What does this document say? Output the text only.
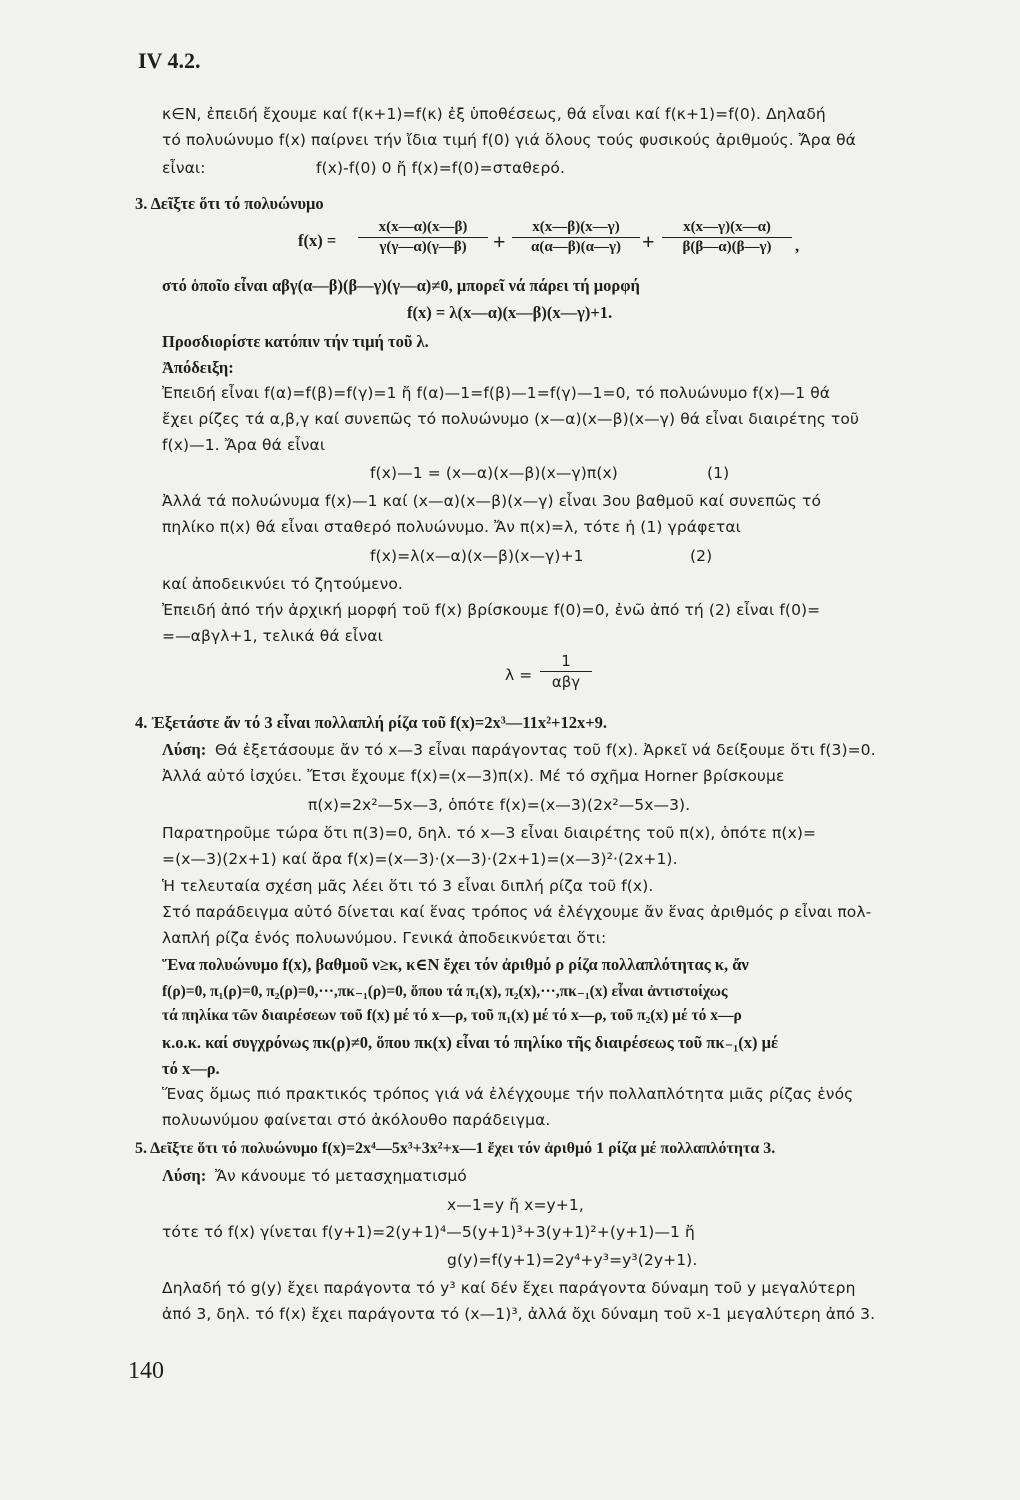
IV 4.2.
κ∈N, ἐπειδή ἔχουμε καί f(κ+1)=f(κ) ἐξ ὑποθέσεως, θά εἶναι καί f(κ+1)=f(0). Δηλαδή
τό πολυώνυμο f(x) παίρνει τήν ἴδια τιμή f(0) γιά ὅλους τούς φυσικούς ἀριθμούς. Ἄρα θά
εἶναι:	f(x)-f(0) 0 ἤ f(x)=f(0)=σταθερό.
3. Δεῖξτε ὅτι τό πολυώνυμο
f(x) =
x(x—α)(x—β)
γ(γ—α)(γ—β)	+
x(x—β)(x—γ)
α(α—β)(α—γ) +
x(x—γ)(x—α)
β(β—α)(β—γ)	,
στό ὁποῖο εἶναι αβγ(α—β)(β—γ)(γ—α)≠0, μπορεῖ νά πάρει τή μορφή
f(x) = λ(x—α)(x—β)(x—γ)+1.
Προσδιορίστε κατόπιν τήν τιμή τοῦ λ.
Ἀπόδειξη:
Ἐπειδή εἶναι f(α)=f(β)=f(γ)=1 ἤ f(α)—1=f(β)—1=f(γ)—1=0, τό πολυώνυμο f(x)—1 θά
ἔχει ρίζες τά α,β,γ καί συνεπῶς τό πολυώνυμο (x—α)(x—β)(x—γ) θά εἶναι διαιρέτης τοῦ
f(x)—1. Ἄρα θά εἶναι
f(x)—1 = (x—α)(x—β)(x—γ)π(x)	(1)
Ἀλλά τά πολυώνυμα f(x)—1 καί (x—α)(x—β)(x—γ) εἶναι 3ου βαθμοῦ καί συνεπῶς τό
πηλίκο π(x) θά εἶναι σταθερό πολυώνυμο. Ἄν π(x)=λ, τότε ἡ (1) γράφεται
f(x)=λ(x—α)(x—β)(x—γ)+1	(2)
καί ἀποδεικνύει τό ζητούμενο.
Ἐπειδή ἀπό τήν ἀρχική μορφή τοῦ f(x) βρίσκουμε f(0)=0, ἐνῶ ἀπό τή (2) εἶναι f(0)=
=—αβγλ+1, τελικά θά εἶναι
λ =
1
αβγ
4. Ἐξετάστε ἄν τό 3 εἶναι πολλαπλή ρίζα τοῦ f(x)=2x³—11x²+12x+9.
Λύση: Θά ἐξετάσουμε ἄν τό x—3 εἶναι παράγοντας τοῦ f(x). Ἀρκεῖ νά δείξουμε ὅτι f(3)=0.
Ἀλλά αὐτό ἰσχύει. Ἔτσι ἔχουμε f(x)=(x—3)π(x). Μέ τό σχῆμα Horner βρίσκουμε
π(x)=2x²—5x—3, ὁπότε f(x)=(x—3)(2x²—5x—3).
Παρατηροῦμε τώρα ὅτι π(3)=0, δηλ. τό x—3 εἶναι διαιρέτης τοῦ π(x), ὁπότε π(x)=
=(x—3)(2x+1) καί ἄρα f(x)=(x—3)·(x—3)·(2x+1)=(x—3)²·(2x+1).
Ἡ τελευταία σχέση μᾶς λέει ὅτι τό 3 εἶναι διπλή ρίζα τοῦ f(x).
Στό παράδειγμα αὐτό δίνεται καί ἕνας τρόπος νά ἐλέγχουμε ἄν ἕνας ἀριθμός ρ εἶναι πολ-
λαπλή ρίζα ἑνός πολυωνύμου. Γενικά ἀποδεικνύεται ὅτι:
Ἕνα πολυώνυμο f(x), βαθμοῦ ν≥κ, κ∈N ἔχει τόν ἀριθμό ρ ρίζα πολλαπλότητας κ, ἄν
f(ρ)=0, π₁(ρ)=0, π₂(ρ)=0,···,πκ₋₁(ρ)=0, ὅπου τά π₁(x), π₂(x),···,πκ₋₁(x) εἶναι ἀντιστοίχως
τά πηλίκα τῶν διαιρέσεων τοῦ f(x) μέ τό x—ρ, τοῦ π₁(x) μέ τό x—ρ, τοῦ π₂(x) μέ τό x—ρ
κ.ο.κ. καί συγχρόνως πκ(ρ)≠0, ὅπου πκ(x) εἶναι τό πηλίκο τῆς διαιρέσεως τοῦ πκ₋₁(x) μέ
τό x—ρ.
Ἕνας ὅμως πιό πρακτικός τρόπος γιά νά ἐλέγχουμε τήν πολλαπλότητα μιᾶς ρίζας ἑνός
πολυωνύμου φαίνεται στό ἀκόλουθο παράδειγμα.
5. Δεῖξτε ὅτι τό πολυώνυμο f(x)=2x⁴—5x³+3x²+x—1 ἔχει τόν ἀριθμό 1 ρίζα μέ πολλαπλότητα 3.
Λύση: Ἄν κάνουμε τό μετασχηματισμό
x—1=y ἤ x=y+1,
τότε τό f(x) γίνεται f(y+1)=2(y+1)⁴—5(y+1)³+3(y+1)²+(y+1)—1 ἤ
g(y)=f(y+1)=2y⁴+y³=y³(2y+1).
Δηλαδή τό g(y) ἔχει παράγοντα τό y³ καί δέν ἔχει παράγοντα δύναμη τοῦ y μεγαλύτερη
ἀπό 3, δηλ. τό f(x) ἔχει παράγοντα τό (x—1)³, ἀλλά ὄχι δύναμη τοῦ x-1 μεγαλύτερη ἀπό 3.
140
